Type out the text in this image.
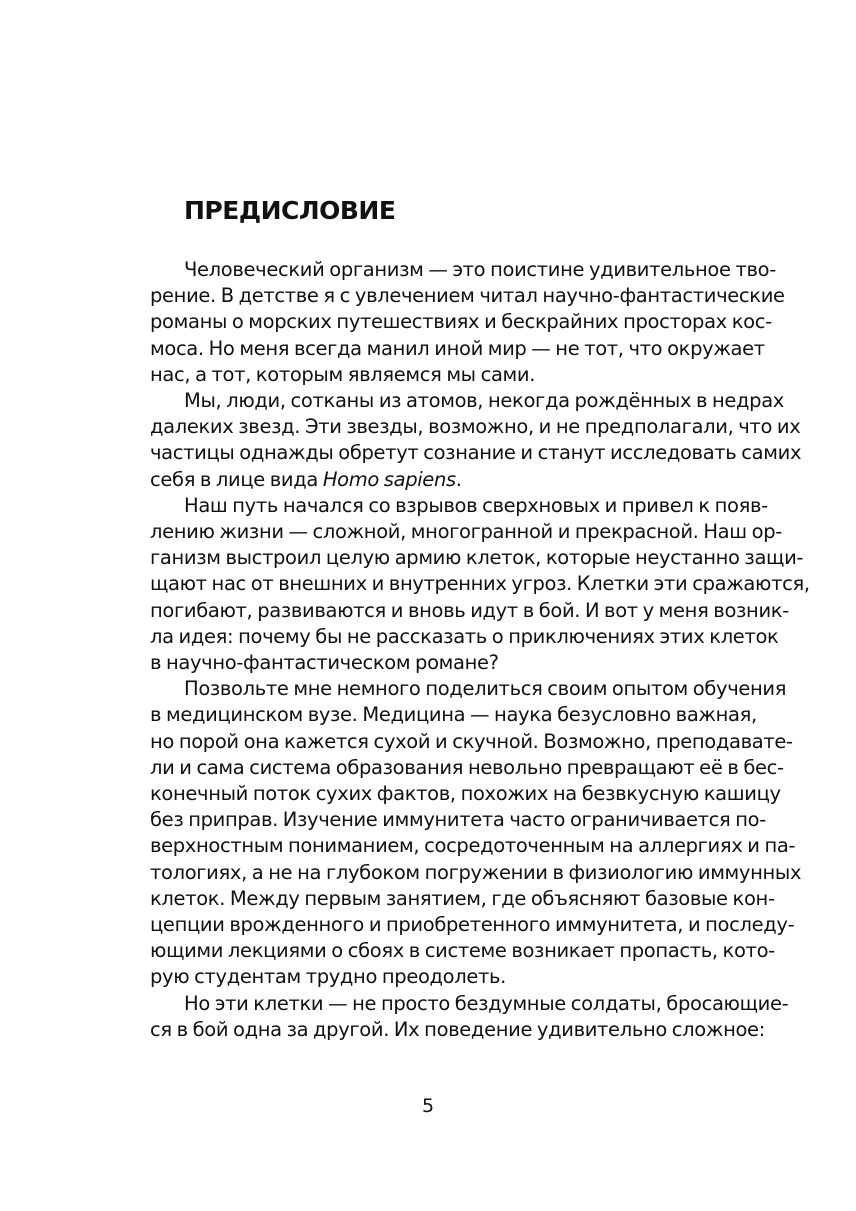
ПРЕДИСЛОВИЕ
Человеческий организм — это поистине удивительное тво-
рение. В детстве я с увлечением читал научно-фантастические
романы о морских путешествиях и бескрайних просторах кос-
моса. Но меня всегда манил иной мир — не тот, что окружает
нас, а тот, которым являемся мы сами.
Мы, люди, сотканы из атомов, некогда рождённых в недрах
далеких звезд. Эти звезды, возможно, и не предполагали, что их
частицы однажды обретут сознание и станут исследовать самих
себя в лице вида Homo sapiens.
Наш путь начался со взрывов сверхновых и привел к появ-
лению жизни — сложной, многогранной и прекрасной. Наш ор-
ганизм выстроил целую армию клеток, которые неустанно защи-
щают нас от внешних и внутренних угроз. Клетки эти сражаются,
погибают, развиваются и вновь идут в бой. И вот у меня возник-
ла идея: почему бы не рассказать о приключениях этих клеток
в научно-фантастическом романе?
Позвольте мне немного поделиться своим опытом обучения
в медицинском вузе. Медицина — наука безусловно важная,
но порой она кажется сухой и скучной. Возможно, преподавате-
ли и сама система образования невольно превращают её в бес-
конечный поток сухих фактов, похожих на безвкусную кашицу
без приправ. Изучение иммунитета часто ограничивается по-
верхностным пониманием, сосредоточенным на аллергиях и па-
тологиях, а не на глубоком погружении в физиологию иммунных
клеток. Между первым занятием, где объясняют базовые кон-
цепции врожденного и приобретенного иммунитета, и последу-
ющими лекциями о сбоях в системе возникает пропасть, кото-
рую студентам трудно преодолеть.
Но эти клетки — не просто бездумные солдаты, бросающие-
ся в бой одна за другой. Их поведение удивительно сложное:
5
